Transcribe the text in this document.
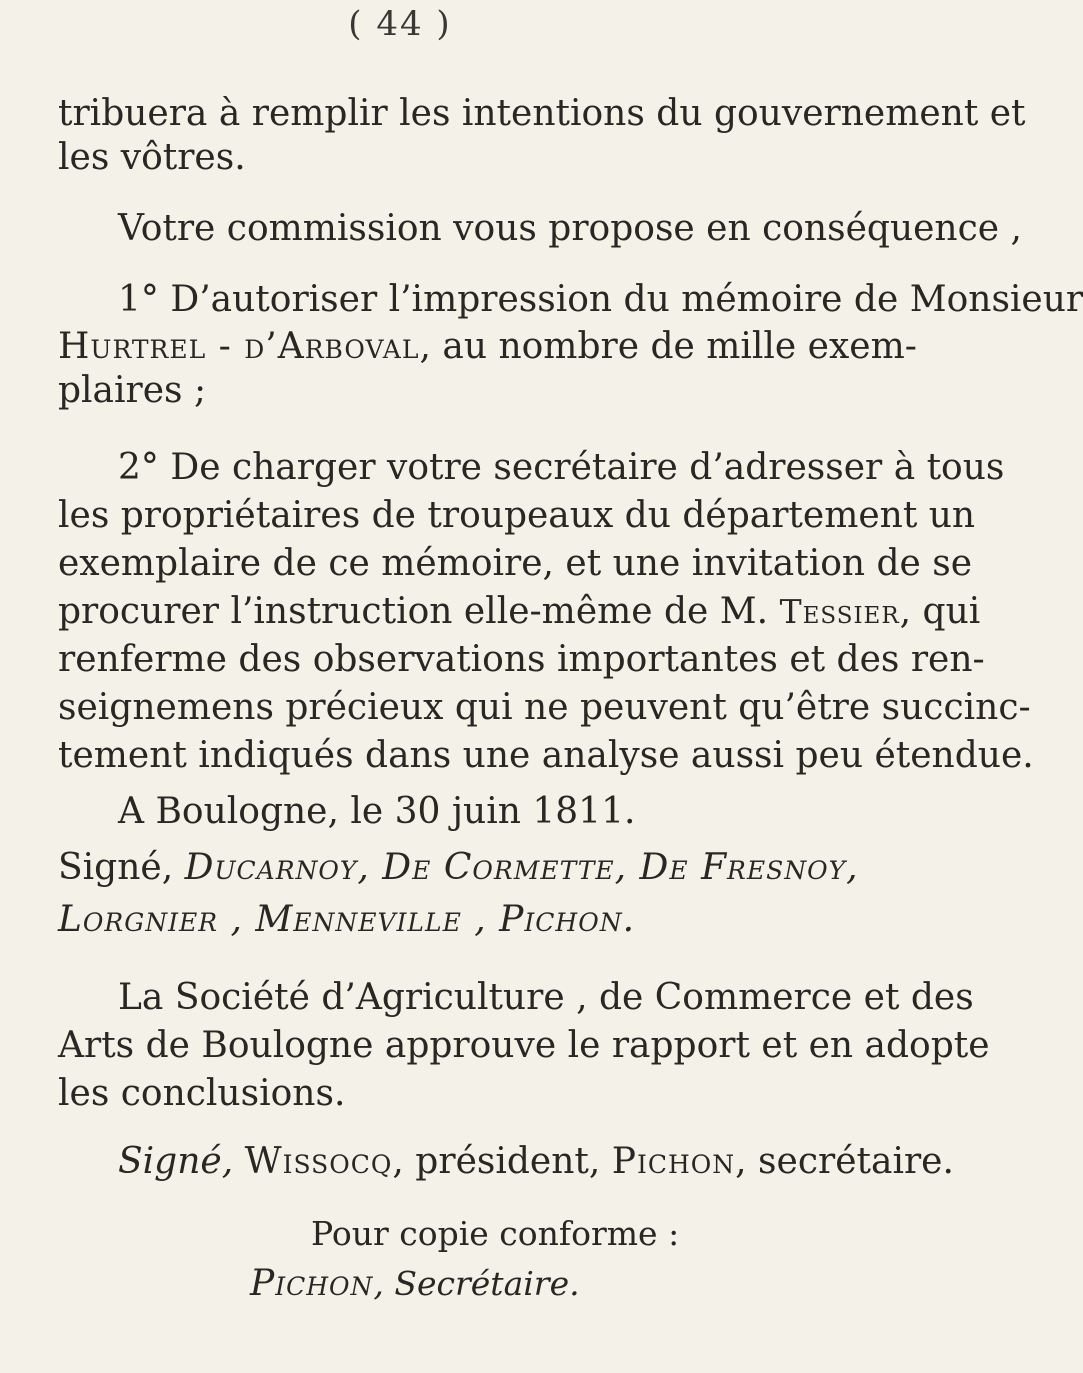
( 44 )
tribuera à remplir les intentions du gouvernement et
les vôtres.
Votre commission vous propose en conséquence ,
1° D’autoriser l’impression du mémoire de Monsieur
Hurtrel - d’Arboval, au nombre de mille exem-
plaires ;
2° De charger votre secrétaire d’adresser à tous
les propriétaires de troupeaux du département un
exemplaire de ce mémoire, et une invitation de se
procurer l’instruction elle-même de M. Tessier, qui
renferme des observations importantes et des ren-
seignemens précieux qui ne peuvent qu’être succinc-
tement indiqués dans une analyse aussi peu étendue.
A Boulogne, le 30 juin 1811.
Signé, Ducarnoy, De Cormette, De Fresnoy,
Lorgnier , Menneville , Pichon.
La Société d’Agriculture , de Commerce et des
Arts de Boulogne approuve le rapport et en adopte
les conclusions.
Signé, Wissocq, président, Pichon, secrétaire.
Pour copie conforme :
Pichon, Secrétaire.
